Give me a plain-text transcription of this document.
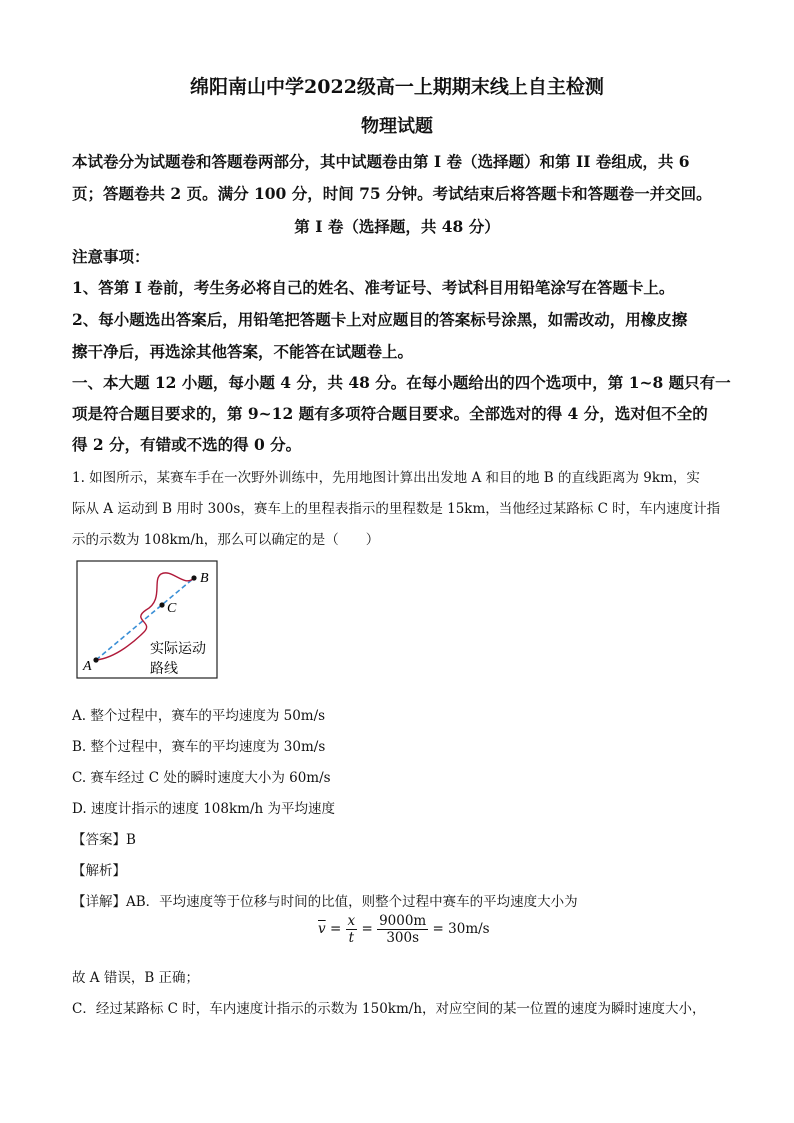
绵阳南山中学2022级高一上期期末线上自主检测
物理试题
本试卷分为试题卷和答题卷两部分，其中试题卷由第 I 卷（选择题）和第 II 卷组成，共 6
页；答题卷共 2 页。满分 100 分，时间 75 分钟。考试结束后将答题卡和答题卷一并交回。
第 I 卷（选择题，共 48 分）
注意事项：
1、答第 I 卷前，考生务必将自己的姓名、准考证号、考试科目用铅笔涂写在答题卡上。
2、每小题选出答案后，用铅笔把答题卡上对应题目的答案标号涂黑，如需改动，用橡皮擦
擦干净后，再选涂其他答案，不能答在试题卷上。
一、本大题 12 小题，每小题 4 分，共 48 分。在每小题给出的四个选项中，第 1~8 题只有一
项是符合题目要求的，第 9~12 题有多项符合题目要求。全部选对的得 4 分，选对但不全的
得 2 分，有错或不选的得 0 分。
1. 如图所示，某赛车手在一次野外训练中，先用地图计算出出发地 A 和目的地 B 的直线距离为 9km，实
际从 A 运动到 B 用时 300s，赛车上的里程表指示的里程数是 15km，当他经过某路标 C 时，车内速度计指
示的示数为 108km/h，那么可以确定的是（　　）
A
B
C
实际运动
路线
A. 整个过程中，赛车的平均速度为 50m/s
B. 整个过程中，赛车的平均速度为 30m/s
C. 赛车经过 C 处的瞬时速度大小为 60m/s
D. 速度计指示的速度 108km/h 为平均速度
【答案】B
【解析】
【详解】AB．平均速度等于位移与时间的比值，则整个过程中赛车的平均速度大小为
$\overline{v} = \frac{x}{t} = \frac{9000m}{300s} = 30m/s$
故 A 错误，B 正确；
C．经过某路标 C 时，车内速度计指示的示数为 150km/h，对应空间的某一位置的速度为瞬时速度大小，
